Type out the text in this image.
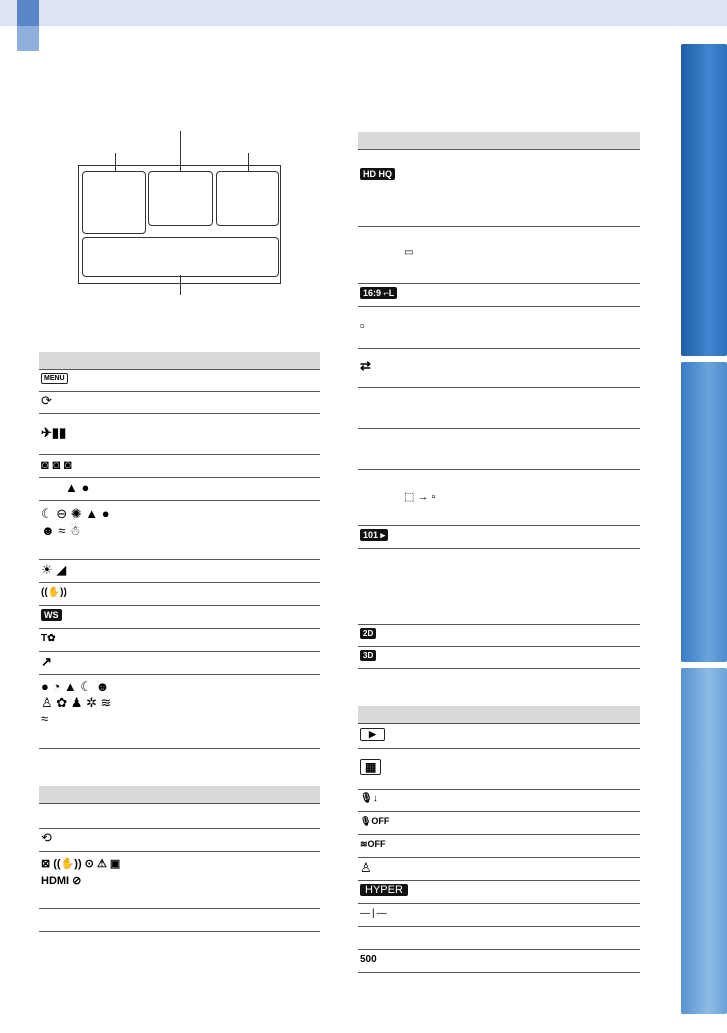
MENU
⟳
✈▮▮
◙ ◙ ◙
▲ ●
☾ ⊖ ✺ ▲ ● ☻ ≈ ☃
☀ ◢
((✋))
WS
T✿
↗
● ◔ ▲ ☾ ☻ ♙ ✿ ♟ ✲ ≋ ≈
⟲
⊠ ((✋)) ⊙ ⚠ ▣ HDMI ⊘
HD HQ
▭
16:9 ⌐L
▫
⇄
⬚ → ▫
101 ▸
2D
3D
▶
▦
🎙↓
🎙OFF
≋OFF
♙
HYPER
—|—
500
